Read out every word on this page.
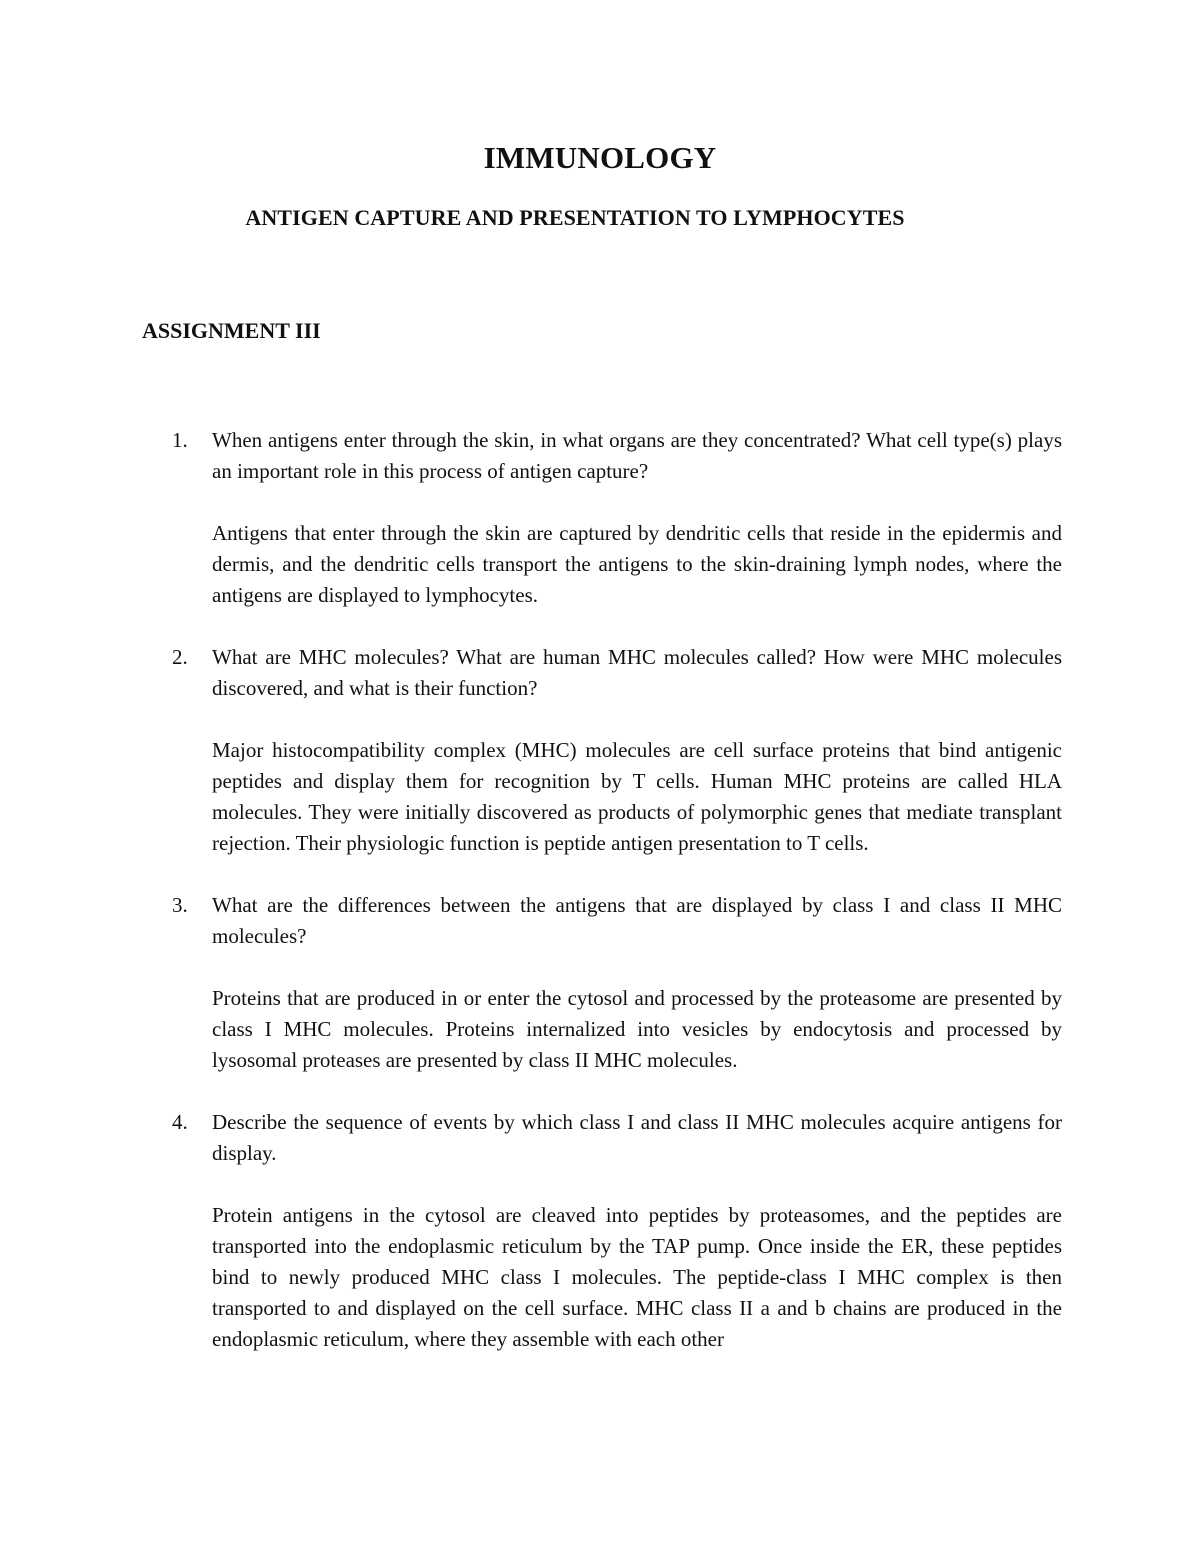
IMMUNOLOGY
ANTIGEN CAPTURE AND PRESENTATION TO LYMPHOCYTES
ASSIGNMENT III
1. When antigens enter through the skin, in what organs are they concentrated? What cell type(s) plays an important role in this process of antigen capture?

Antigens that enter through the skin are captured by dendritic cells that reside in the epidermis and dermis, and the dendritic cells transport the antigens to the skin-draining lymph nodes, where the antigens are displayed to lymphocytes.

2. What are MHC molecules? What are human MHC molecules called? How were MHC molecules discovered, and what is their function?

Major histocompatibility complex (MHC) molecules are cell surface proteins that bind antigenic peptides and display them for recognition by T cells. Human MHC proteins are called HLA molecules. They were initially discovered as products of polymorphic genes that mediate transplant rejection. Their physiologic function is peptide antigen presentation to T cells.

3. What are the differences between the antigens that are displayed by class I and class II MHC molecules?

Proteins that are produced in or enter the cytosol and processed by the proteasome are presented by class I MHC molecules. Proteins internalized into vesicles by endocytosis and processed by lysosomal proteases are presented by class II MHC molecules.

4. Describe the sequence of events by which class I and class II MHC molecules acquire antigens for display.

Protein antigens in the cytosol are cleaved into peptides by proteasomes, and the peptides are transported into the endoplasmic reticulum by the TAP pump. Once inside the ER, these peptides bind to newly produced MHC class I molecules. The peptide-class I MHC complex is then transported to and displayed on the cell surface. MHC class II a and b chains are produced in the endoplasmic reticulum, where they assemble with each other
